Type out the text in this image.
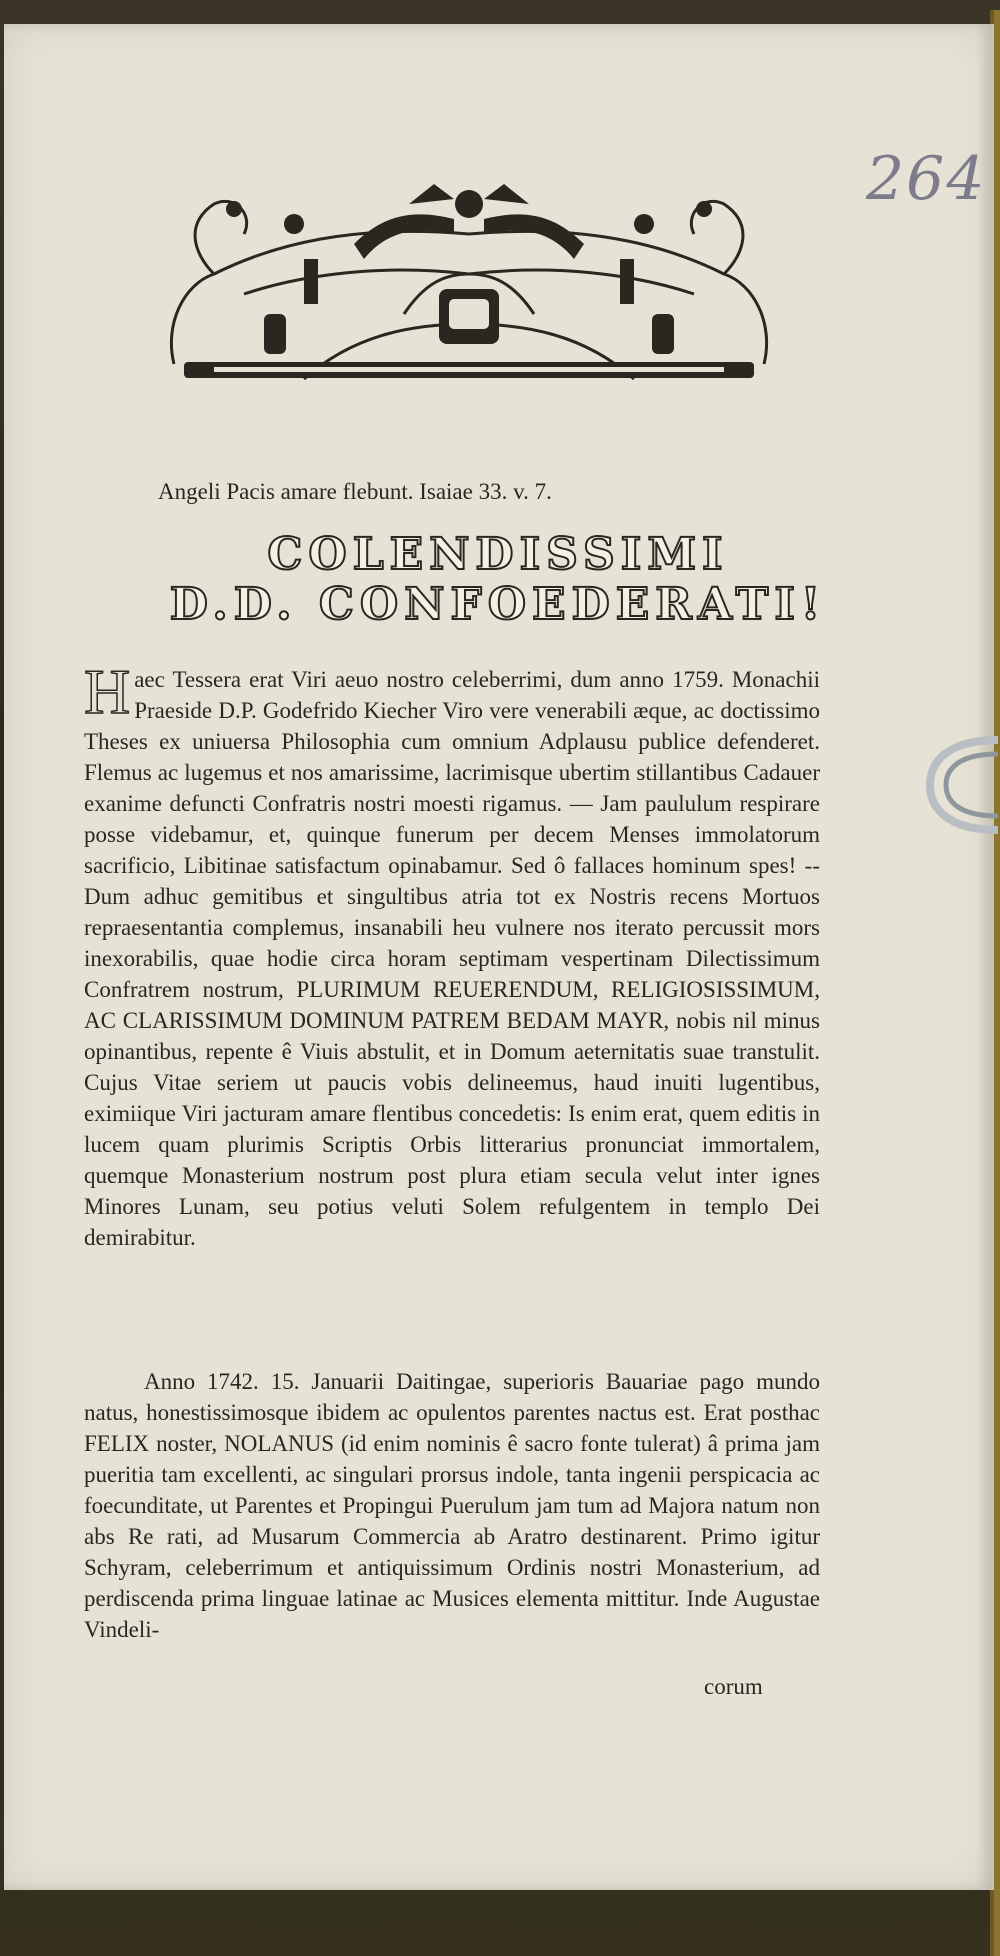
264
Angeli Pacis amare flebunt. Isaiae 33. v. 7.
COLENDISSIMI
D.D. CONFOEDERATI!

H aec Tessera erat Viri aeuo nostro celeberrimi, dum anno 1759. Monachii Praeside D.P. Godefrido Kiecher Viro vere venerabili æque, ac doctissimo Theses ex uniuersa Philosophia cum omnium Adplausu publice defenderet. Flemus ac lugemus et nos amarissime, lacrimisque ubertim stillantibus Cadauer exanime defuncti Confratris nostri moesti rigamus. — Jam paululum respirare posse videbamur, et, quinque funerum per decem Menses immolatorum sacrificio, Libitinae satisfactum opinabamur. Sed ô fallaces hominum spes! -- Dum adhuc gemitibus et singultibus atria tot ex Nostris recens Mortuos repraesentantia complemus, insanabili heu vulnere nos iterato percussit mors inexorabilis, quae hodie circa horam septimam vespertinam Dilectissimum Confratrem nostrum, PLURIMUM REUERENDUM, RELIGIOSISSIMUM, AC CLARISSIMUM DOMINUM PATREM BEDAM MAYR, nobis nil minus opinantibus, repente ê Viuis abstulit, et in Domum aeternitatis suae transtulit. Cujus Vitae seriem ut paucis vobis delineemus, haud inuiti lugentibus, eximiique Viri jacturam amare flentibus concedetis: Is enim erat, quem editis in lucem quam plurimis Scriptis Orbis litterarius pronunciat immortalem, quemque Monasterium nostrum post plura etiam secula velut inter ignes Minores Lunam, seu potius veluti Solem refulgentem in templo Dei demirabitur.

Anno 1742. 15. Januarii Daitingae, superioris Bauariae pago mundo natus, honestissimosque ibidem ac opulentos parentes nactus est. Erat posthac FELIX noster, NOLANUS (id enim nominis ê sacro fonte tulerat) â prima jam pueritia tam excellenti, ac singulari prorsus indole, tanta ingenii perspicacia ac foecunditate, ut Parentes et Propingui Puerulum jam tum ad Majora natum non abs Re rati, ad Musarum Commercia ab Aratro destinarent. Primo igitur Schyram, celeberrimum et antiquissimum Ordinis nostri Monasterium, ad perdiscenda prima linguae latinae ac Musices elementa mittitur. Inde Augustae Vindeli-

corum
